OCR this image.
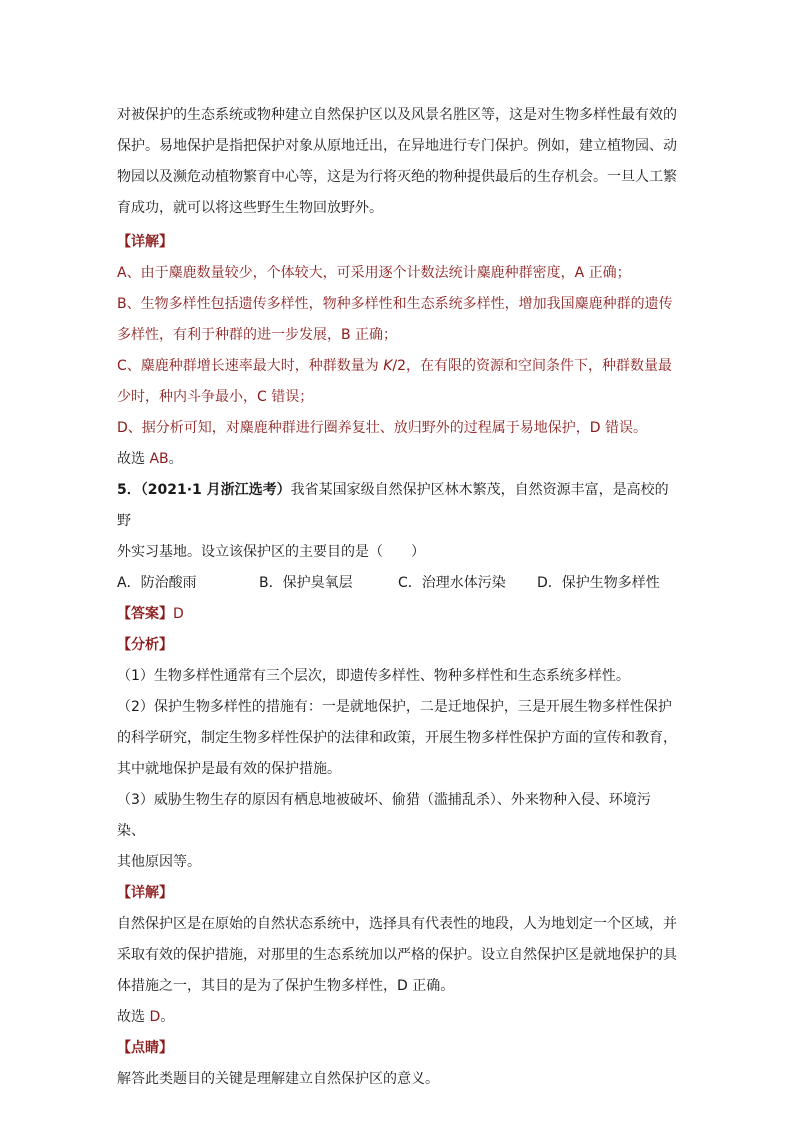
对被保护的生态系统或物种建立自然保护区以及风景名胜区等，这是对生物多样性最有效的

保护。易地保护是指把保护对象从原地迁出，在异地进行专门保护。例如，建立植物园、动

物园以及濒危动植物繁育中心等，这是为行将灭绝的物种提供最后的生存机会。一旦人工繁

育成功，就可以将这些野生生物回放野外。

【详解】

A、由于麋鹿数量较少，个体较大，可采用逐个计数法统计麋鹿种群密度，A 正确；

B、生物多样性包括遗传多样性，物种多样性和生态系统多样性，增加我国麋鹿种群的遗传

多样性，有利于种群的进一步发展，B 正确；

C、麋鹿种群增长速率最大时，种群数量为 K/2，在有限的资源和空间条件下，种群数量最

少时，种内斗争最小，C 错误；

D、据分析可知，对麋鹿种群进行圈养复壮、放归野外的过程属于易地保护，D 错误。

故选 AB。

5．（2021·1 月浙江选考）我省某国家级自然保护区林木繁茂，自然资源丰富，是高校的野

外实习基地。设立该保护区的主要目的是（　　）

A．防治酸雨	B．保护臭氧层	C．治理水体污染	D．保护生物多样性

【答案】D

【分析】

（1）生物多样性通常有三个层次，即遗传多样性、物种多样性和生态系统多样性。

（2）保护生物多样性的措施有：一是就地保护，二是迁地保护，三是开展生物多样性保护

的科学研究，制定生物多样性保护的法律和政策，开展生物多样性保护方面的宣传和教育，

其中就地保护是最有效的保护措施。

（3）威胁生物生存的原因有栖息地被破坏、偷猎（滥捕乱杀）、外来物种入侵、环境污染、

其他原因等。

【详解】

自然保护区是在原始的自然状态系统中，选择具有代表性的地段，人为地划定一个区域，并

采取有效的保护措施，对那里的生态系统加以严格的保护。设立自然保护区是就地保护的具

体措施之一，其目的是为了保护生物多样性，D 正确。

故选 D。

【点睛】

解答此类题目的关键是理解建立自然保护区的意义。
